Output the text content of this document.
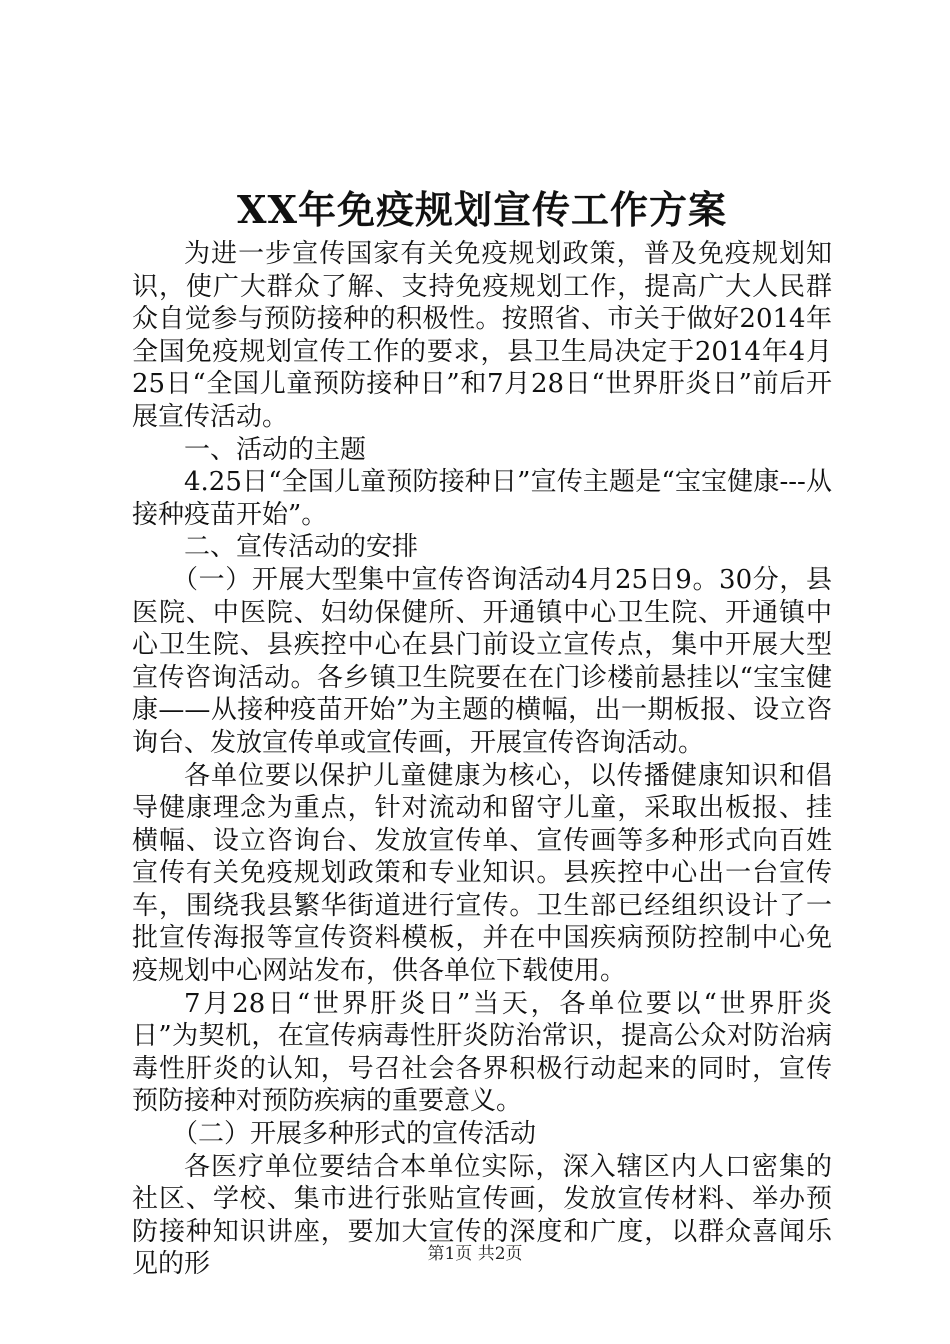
XX年免疫规划宣传工作方案

为进一步宣传国家有关免疫规划政策，普及免疫规划知识，使广大群众了解、支持免疫规划工作，提高广大人民群众自觉参与预防接种的积极性。按照省、市关于做好2014年全国免疫规划宣传工作的要求，县卫生局决定于2014年4月25日“全国儿童预防接种日”和7月28日“世界肝炎日”前后开展宣传活动。

一、活动的主题

4.25日“全国儿童预防接种日”宣传主题是“宝宝健康---从接种疫苗开始”。

二、宣传活动的安排

（一）开展大型集中宣传咨询活动4月25日9。30分，县医院、中医院、妇幼保健所、开通镇中心卫生院、开通镇中心卫生院、县疾控中心在县门前设立宣传点，集中开展大型宣传咨询活动。各乡镇卫生院要在在门诊楼前悬挂以“宝宝健康——从接种疫苗开始”为主题的横幅，出一期板报、设立咨询台、发放宣传单或宣传画，开展宣传咨询活动。

各单位要以保护儿童健康为核心，以传播健康知识和倡导健康理念为重点，针对流动和留守儿童，采取出板报、挂横幅、设立咨询台、发放宣传单、宣传画等多种形式向百姓宣传有关免疫规划政策和专业知识。县疾控中心出一台宣传车，围绕我县繁华街道进行宣传。卫生部已经组织设计了一批宣传海报等宣传资料模板，并在中国疾病预防控制中心免疫规划中心网站发布，供各单位下载使用。

7月28日“世界肝炎日”当天，各单位要以“世界肝炎日”为契机，在宣传病毒性肝炎防治常识，提高公众对防治病毒性肝炎的认知，号召社会各界积极行动起来的同时，宣传预防接种对预防疾病的重要意义。

（二）开展多种形式的宣传活动

各医疗单位要结合本单位实际，深入辖区内人口密集的社区、学校、集市进行张贴宣传画，发放宣传材料、举办预防接种知识讲座，要加大宣传的深度和广度，以群众喜闻乐见的形	第1页 共2页
